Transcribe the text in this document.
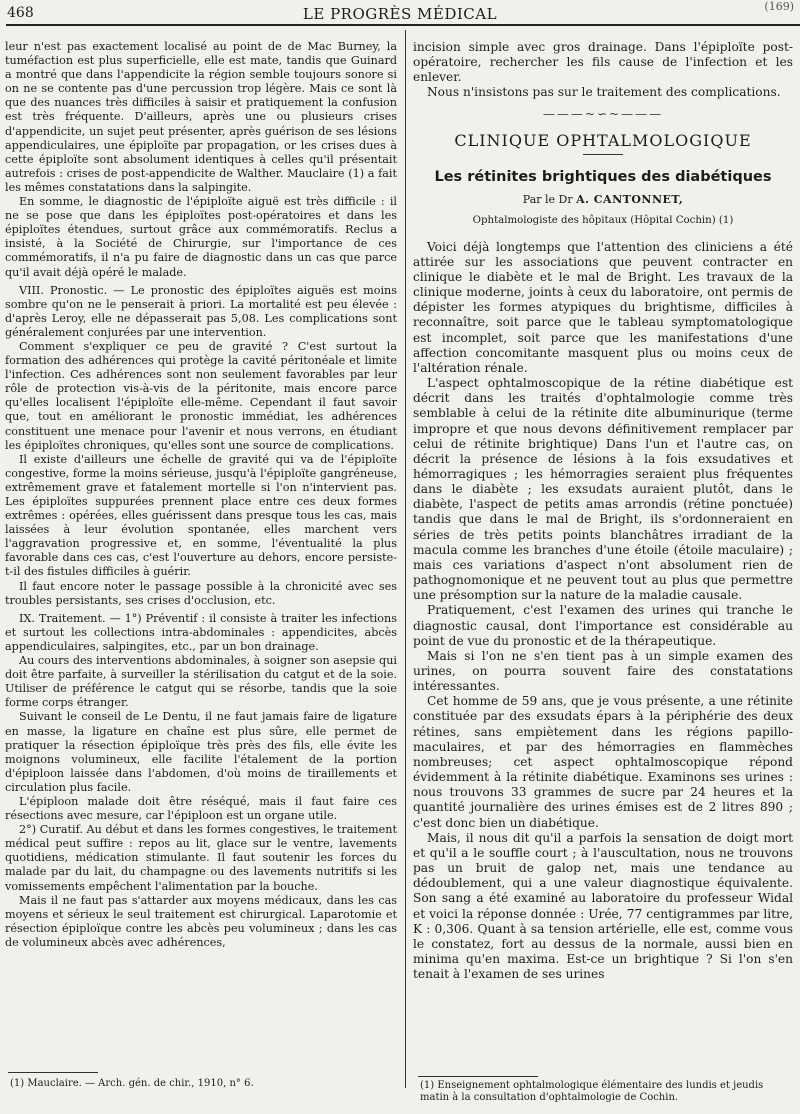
468	LE PROGRÈS MÉDICAL	(169)

leur n'est pas exactement localisé au point de de Mac Burney, la tuméfaction est plus superficielle, elle est mate, tandis que Guinard a montré que dans l'appendicite la région semble toujours sonore si on ne se contente pas d'une percussion trop légère. Mais ce sont là que des nuances très difficiles à saisir et pratiquement la confusion est très fréquente. D'ailleurs, après une ou plusieurs crises d'appendicite, un sujet peut présenter, après guérison de ses lésions appendiculaires, une épiploïte par propagation, or les crises dues à cette épiploïte sont absolument identiques à celles qu'il présentait autrefois : crises de post-appendicite de Walther. Mauclaire (1) a fait les mêmes constatations dans la salpingite.

En somme, le diagnostic de l'épiploïte aiguë est très difficile : il ne se pose que dans les épiploïtes post-opératoires et dans les épiploïtes étendues, surtout grâce aux commémoratifs. Reclus a insisté, à la Société de Chirurgie, sur l'importance de ces commémoratifs, il n'a pu faire de diagnostic dans un cas que parce qu'il avait déjà opéré le malade.

VIII. Pronostic. — Le pronostic des épiploïtes aiguës est moins sombre qu'on ne le penserait à priori. La mortalité est peu élevée : d'après Leroy, elle ne dépasserait pas 5,08. Les complications sont généralement conjurées par une intervention.

Comment s'expliquer ce peu de gravité ? C'est surtout la formation des adhérences qui protège la cavité péritonéale et limite l'infection. Ces adhérences sont non seulement favorables par leur rôle de protection vis-à-vis de la péritonite, mais encore parce qu'elles localisent l'épiploïte elle-même. Cependant il faut savoir que, tout en améliorant le pronostic immédiat, les adhérences constituent une menace pour l'avenir et nous verrons, en étudiant les épiploïtes chroniques, qu'elles sont une source de complications.

Il existe d'ailleurs une échelle de gravité qui va de l'épiploïte congestive, forme la moins sérieuse, jusqu'à l'épiploïte gangréneuse, extrêmement grave et fatalement mortelle si l'on n'intervient pas. Les épiploïtes suppurées prennent place entre ces deux formes extrêmes : opérées, elles guérissent dans presque tous les cas, mais laissées à leur évolution spontanée, elles marchent vers l'aggravation progressive et, en somme, l'éventualité la plus favorable dans ces cas, c'est l'ouverture au dehors, encore persiste-t-il des fistules difficiles à guérir.

Il faut encore noter le passage possible à la chronicité avec ses troubles persistants, ses crises d'occlusion, etc.

IX. Traitement. — 1°) Préventif : il consiste à traiter les infections et surtout les collections intra-abdominales : appendicites, abcès appendiculaires, salpingites, etc., par un bon drainage.

Au cours des interventions abdominales, à soigner son asepsie qui doit être parfaite, à surveiller la stérilisation du catgut et de la soie. Utiliser de préférence le catgut qui se résorbe, tandis que la soie forme corps étranger.

Suivant le conseil de Le Dentu, il ne faut jamais faire de ligature en masse, la ligature en chaîne est plus sûre, elle permet de pratiquer la résection épiploïque très près des fils, elle évite les moignons volumineux, elle facilite l'étalement de la portion d'épiploon laissée dans l'abdomen, d'où moins de tiraillements et circulation plus facile.

L'épiploon malade doit être réséqué, mais il faut faire ces résections avec mesure, car l'épiploon est un organe utile.

2°) Curatif. Au début et dans les formes congestives, le traitement médical peut suffire : repos au lit, glace sur le ventre, lavements quotidiens, médication stimulante. Il faut soutenir les forces du malade par du lait, du champagne ou des lavements nutritifs si les vomissements empêchent l'alimentation par la bouche.

Mais il ne faut pas s'attarder aux moyens médicaux, dans les cas moyens et sérieux le seul traitement est chirurgical. Laparotomie et résection épiploïque contre les abcès peu volumineux ; dans les cas de volumineux abcès avec adhérences,

incision simple avec gros drainage. Dans l'épiploïte post-opératoire, rechercher les fils cause de l'infection et les enlever.

Nous n'insistons pas sur le traitement des complications.

———~∽~———
CLINIQUE OPHTALMOLOGIQUE
Les rétinites brightiques des diabétiques
Par le Dr A. CANTONNET,
Ophtalmologiste des hôpitaux (Hôpital Cochin) (1)

Voici déjà longtemps que l'attention des cliniciens a été attirée sur les associations que peuvent contracter en clinique le diabète et le mal de Bright. Les travaux de la clinique moderne, joints à ceux du laboratoire, ont permis de dépister les formes atypiques du brightisme, difficiles à reconnaître, soit parce que le tableau symptomatologique est incomplet, soit parce que les manifestations d'une affection concomitante masquent plus ou moins ceux de l'altération rénale.

L'aspect ophtalmoscopique de la rétine diabétique est décrit dans les traités d'ophtalmologie comme très semblable à celui de la rétinite dite albuminurique (terme impropre et que nous devons définitivement remplacer par celui de rétinite brightique) Dans l'un et l'autre cas, on décrit la présence de lésions à la fois exsudatives et hémorragiques ; les hémorragies seraient plus fréquentes dans le diabète ; les exsudats auraient plutôt, dans le diabète, l'aspect de petits amas arrondis (rétine ponctuée) tandis que dans le mal de Bright, ils s'ordonneraient en séries de très petits points blanchâtres irradiant de la macula comme les branches d'une étoile (étoile maculaire) ; mais ces variations d'aspect n'ont absolument rien de pathognomonique et ne peuvent tout au plus que permettre une présomption sur la nature de la maladie causale.

Pratiquement, c'est l'examen des urines qui tranche le diagnostic causal, dont l'importance est considérable au point de vue du pronostic et de la thérapeutique.

Mais si l'on ne s'en tient pas à un simple examen des urines, on pourra souvent faire des constatations intéressantes.

Cet homme de 59 ans, que je vous présente, a une rétinite constituée par des exsudats épars à la périphérie des deux rétines, sans empiètement dans les régions papillo-maculaires, et par des hémorragies en flammèches nombreuses; cet aspect ophtalmoscopique répond évidemment à la rétinite diabétique. Examinons ses urines : nous trouvons 33 grammes de sucre par 24 heures et la quantité journalière des urines émises est de 2 litres 890 ; c'est donc bien un diabétique.

Mais, il nous dit qu'il a parfois la sensation de doigt mort et qu'il a le souffle court ; à l'auscultation, nous ne trouvons pas un bruit de galop net, mais une tendance au dédoublement, qui a une valeur diagnostique équivalente. Son sang a été examiné au laboratoire du professeur Widal et voici la réponse donnée : Urée, 77 centigrammes par litre, K : 0,306. Quant à sa tension artérielle, elle est, comme vous le constatez, fort au dessus de la normale, aussi bien en minima qu'en maxima. Est-ce un brightique ? Si l'on s'en tenait à l'examen de ses urines

(1) Mauclaire. — Arch. gén. de chir., 1910, n° 6.	(1) Enseignement ophtalmologique élémentaire des lundis et jeudis matin à la consultation d'ophtalmologie de Cochin.
